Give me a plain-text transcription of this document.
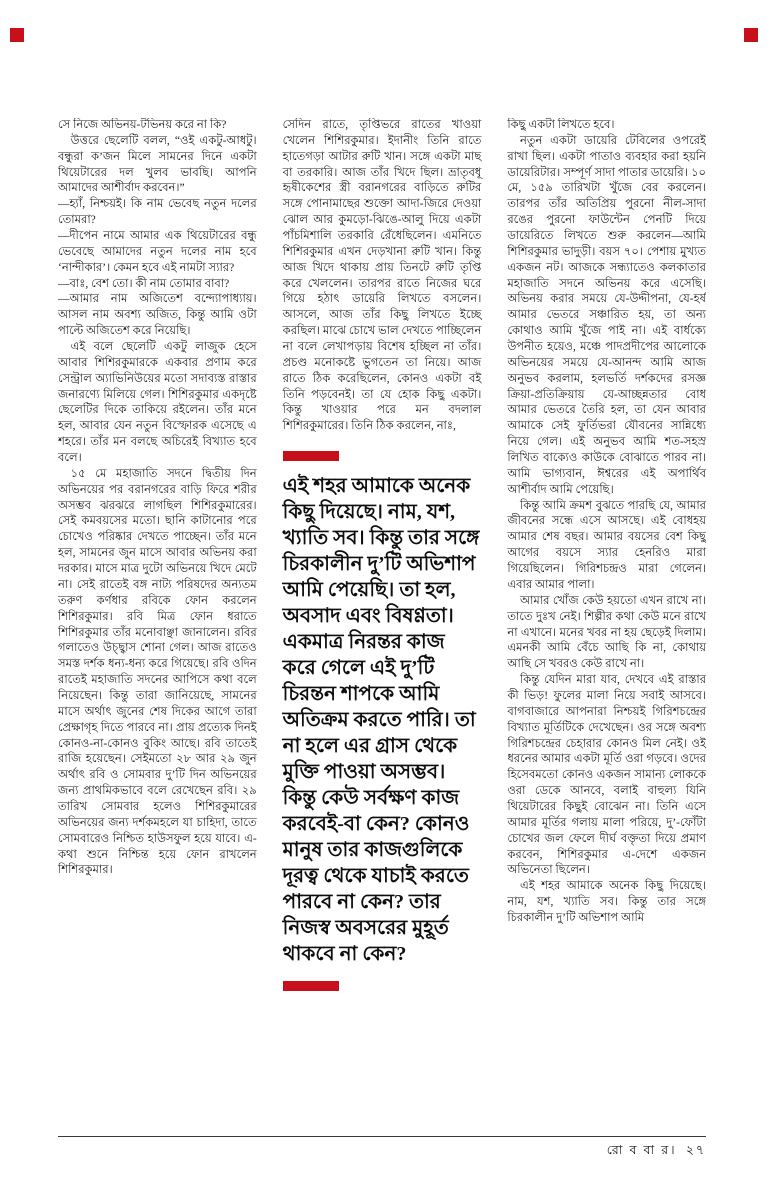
সে নিজে অভিনয়-টভিনয় করে না কি?

উত্তরে ছেলেটি বলল, “ওই একটু-আধটু। বন্ধুরা ক’জন মিলে সামনের দিনে একটা থিয়েটারের দল খুলব ভাবছি। আপনি আমাদের আশীর্বাদ করবেন।”

—হ্যাঁ, নিশ্চয়ই। কি নাম ভেবেছ নতুন দলের তোমরা?

—দীপেন নামে আমার এক থিয়েটারের বন্ধু ভেবেছে আমাদের নতুন দলের নাম হবে ‘নান্দীকার’। কেমন হবে এই নামটা স্যার?

—বাঃ, বেশ তো। কী নাম তোমার বাবা?

—আমার নাম অজিতেশ বন্দ্যোপাধ্যায়। আসল নাম অবশ্য অজিত, কিন্তু আমি ওটা পাল্টে অজিতেশ করে নিয়েছি।

এই বলে ছেলেটি একটু লাজুক হেসে আবার শিশিরকুমারকে একবার প্রণাম করে সেন্ট্রাল অ্যাভিনিউয়ের মতো সদাব্যস্ত রাস্তার জনারণ্যে মিলিয়ে গেল। শিশিরকুমার একদৃষ্টে ছেলেটির দিকে তাকিয়ে রইলেন। তাঁর মনে হল, আবার যেন নতুন বিস্ফোরক এসেছে এ শহরে। তাঁর মন বলছে অচিরেই বিখ্যাত হবে বলে।

১৫ মে মহাজাতি সদনে দ্বিতীয় দিন অভিনয়ের পর বরানগরের বাড়ি ফিরে শরীর অসম্ভব ঝরঝরে লাগছিল শিশিরকুমারের। সেই কমবয়সের মতো। ছানি কাটানোর পরে চোখেও পরিষ্কার দেখতে পাচ্ছেন। তাঁর মনে হল, সামনের জুন মাসে আবার অভিনয় করা দরকার। মাসে মাত্র দুটো অভিনয়ে খিদে মেটে না। সেই রাতেই বঙ্গ নাট্য পরিষদের অন্যতম তরুণ কর্ণধার রবিকে ফোন করলেন শিশিরকুমার। রবি মিত্র ফোন ধরাতে শিশিরকুমার তাঁর মনোবাঞ্ছা জানালেন। রবির গলাতেও উচ্ছ্বাস শোনা গেল। আজ রাতেও সমস্ত দর্শক ধন্য-ধন্য করে গিয়েছে। রবি ওদিন রাতেই মহাজাতি সদনের আপিসে কথা বলে নিয়েছেন। কিন্তু তারা জানিয়েছে, সামনের মাসে অর্থাৎ জুনের শেষ দিকের আগে তারা প্রেক্ষাগৃহ দিতে পারবে না। প্রায় প্রত্যেক দিনই কোনও-না-কোনও বুকিং আছে। রবি তাতেই রাজি হয়েছেন। সেইমতো ২৮ আর ২৯ জুন অর্থাৎ রবি ও সোমবার দু’টি দিন অভিনয়ের জন্য প্রাথমিকভাবে বলে রেখেছেন রবি। ২৯ তারিখ সোমবার হলেও শিশিরকুমারের অভিনয়ের জন্য দর্শকমহলে যা চাহিদা, তাতে সোমবারেও নিশ্চিত হাউসফুল হয়ে যাবে। এ-কথা শুনে নিশ্চিন্ত হয়ে ফোন রাখলেন শিশিরকুমার।

সেদিন রাতে, তৃপ্তিভরে রাতের খাওয়া খেলেন শিশিরকুমার। ইদানীং তিনি রাতে হাতেগড়া আটার রুটি খান। সঙ্গে একটা মাছ বা তরকারি। আজ তাঁর খিদে ছিল। ভ্রাতৃবধূ হৃষীকেশের স্ত্রী বরানগরের বাড়িতে রুটির সঙ্গে পোনামাছের শুক্তো আদা-জিরে দেওয়া ঝোল আর কুমড়ো-ঝিঙে-আলু দিয়ে একটা পাঁচমিশালি তরকারি রেঁধেছিলেন। এমনিতে শিশিরকুমার এখন দেড়খানা রুটি খান। কিন্তু আজ খিদে থাকায় প্রায় তিনটে রুটি তৃপ্তি করে খেললেন। তারপর রাতে নিজের ঘরে গিয়ে হঠাৎ ডায়েরি লিখতে বসলেন। আসলে, আজ তাঁর কিছু লিখতে ইচ্ছে করছিল। মাঝে চোখে ভাল দেখতে পাচ্ছিলেন না বলে লেখাপড়ায় বিশেষ হচ্ছিল না তাঁর। প্রচণ্ড মনোকষ্টে ভুগতেন তা নিয়ে। আজ রাতে ঠিক করেছিলেন, কোনও একটা বই তিনি পড়বেনই। তা যে হোক কিছু একটা। কিন্তু খাওয়ার পরে মন বদলাল শিশিরকুমারের। তিনি ঠিক করলেন, নাঃ,

এই শহর আমাকে অনেক কিছু দিয়েছে। নাম, যশ, খ্যাতি সব। কিন্তু তার সঙ্গে চিরকালীন দু’টি অভিশাপ আমি পেয়েছি। তা হল, অবসাদ এবং বিষণ্ণতা। একমাত্র নিরন্তর কাজ করে গেলে এই দু’টি চিরন্তন শাপকে আমি অতিক্রম করতে পারি। তা না হলে এর গ্রাস থেকে মুক্তি পাওয়া অসম্ভব। কিন্তু কেউ সর্বক্ষণ কাজ করবেই-বা কেন? কোনও মানুষ তার কাজগুলিকে দূরত্ব থেকে যাচাই করতে পারবে না কেন? তার নিজস্ব অবসরের মুহূর্ত থাকবে না কেন?

কিছু একটা লিখতে হবে।

নতুন একটা ডায়েরি টেবিলের ওপরেই রাখা ছিল। একটা পাতাও ব্যবহার করা হয়নি ডায়েরিটার। সম্পূর্ণ সাদা পাতার ডায়েরি। ১০ মে, ১৫৯ তারিখটা খুঁজে বের করলেন। তারপর তাঁর অতিপ্রিয় পুরনো নীল-সাদা রঙের পুরনো ফাউন্টেন পেনটি দিয়ে ডায়েরিতে লিখতে শুরু করলেন—আমি শিশিরকুমার ভাদুড়ী। বয়স ৭০। পেশায় মুখ্যত একজন নট। আজকে সন্ধ্যাতেও কলকাতার মহাজাতি সদনে অভিনয় করে এসেছি। অভিনয় করার সময়ে যে-উদ্দীপনা, যে-হর্ষ আমার ভেতরে সঞ্চারিত হয়, তা অন্য কোথাও আমি খুঁজে পাই না। এই বার্ধক্যে উপনীত হয়েও, মঞ্চে পাদপ্রদীপের আলোকে অভিনয়ের সময়ে যে-আনন্দ আমি আজ অনুভব করলাম, হলভর্তি দর্শকদের রসজ্ঞ ক্রিয়া-প্রতিক্রিয়ায় যে-আচ্ছন্নতার বোধ আমার ভেতরে তৈরি হল, তা যেন আবার আমাকে সেই ফুর্তিভরা যৌবনের সান্নিধ্যে নিয়ে গেল। এই অনুভব আমি শত-সহস্র লিখিত বাক্যেও কাউকে বোঝাতে পারব না। আমি ভাগ্যবান, ঈশ্বরের এই অপার্থিব আশীর্বাদ আমি পেয়েছি।

কিন্তু আমি ক্রমশ বুঝতে পারছি যে, আমার জীবনের সন্ধে এসে আসছে। এই বোধহয় আমার শেষ বছর। আমার বয়সের বেশ কিছু আগের বয়সে স্যার হেনরিও মারা গিয়েছিলেন। গিরিশচন্দ্রও মারা গেলেন। এবার আমার পালা।

আমার খোঁজ কেউ হয়তো এখন রাখে না। তাতে দুঃখ নেই। শিল্পীর কথা কেউ মনে রাখে না এখানে। মনের খবর না হয় ছেড়েই দিলাম। এমনকী আমি বেঁচে আছি কি না, কোথায় আছি সে খবরও কেউ রাখে না।

কিন্তু যেদিন মারা যাব, দেখবে এই রাস্তার কী ভিড়! ফুলের মালা নিয়ে সবাই আসবে। বাগবাজারে আপনারা নিশ্চয়ই গিরিশচন্দ্রের বিখ্যাত মূর্তিটিকে দেখেছেন। ওর সঙ্গে অবশ্য গিরিশচন্দ্রের চেহারার কোনও মিল নেই। ওই ধরনের আমার একটা মূর্তি ওরা গড়বে। ওদের হিসেবমতো কোনও একজন সামান্য লোককে ওরা ডেকে আনবে, বলাই বাহুল্য যিনি থিয়েটারের কিছুই বোঝেন না। তিনি এসে আমার মূর্তির গলায় মালা পরিয়ে, দু’-ফোঁটা চোখের জল ফেলে দীর্ঘ বক্তৃতা দিয়ে প্রমাণ করবেন, শিশিরকুমার এ-দেশে একজন অভিনেতা ছিলেন।

এই শহর আমাকে অনেক কিছু দিয়েছে। নাম, যশ, খ্যাতি সব। কিন্তু তার সঙ্গে চিরকালীন দু’টি অভিশাপ আমি

রো ব বা র। ২৭
